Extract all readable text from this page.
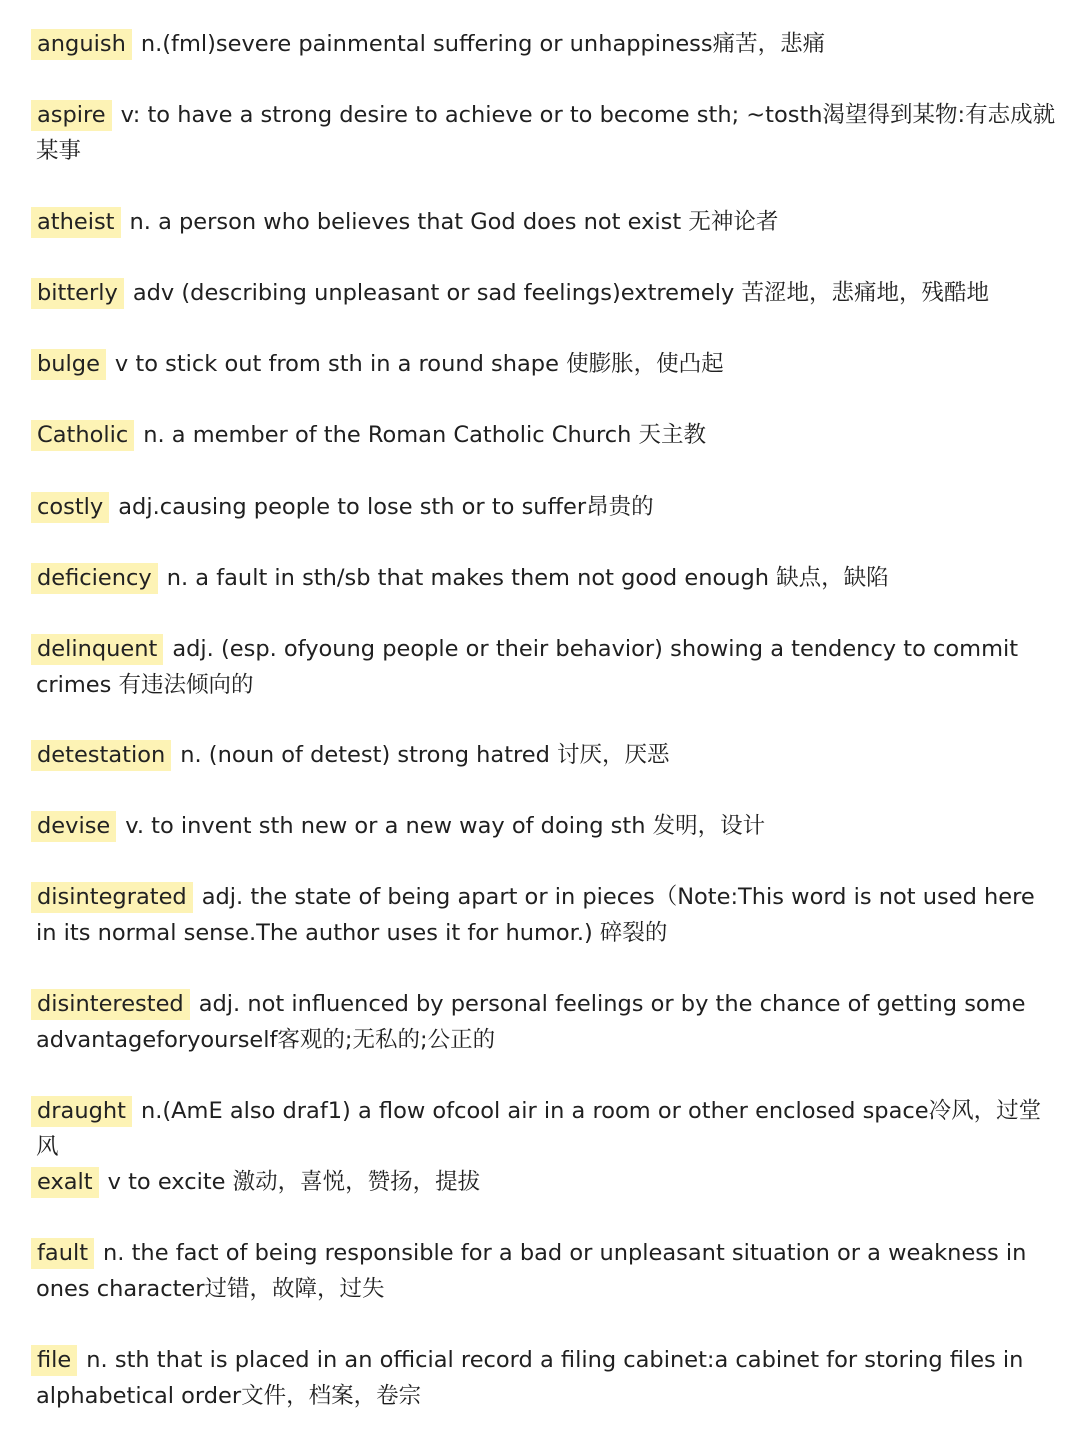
anguish n.(fml)severe painmental suffering or unhappiness痛苦，悲痛

aspire v: to have a strong desire to achieve or to become sth; ~tosth渴望得到某物:有志成就某事

atheist n. a person who believes that God does not exist 无神论者

bitterly adv (describing unpleasant or sad feelings)extremely 苦涩地，悲痛地，残酷地

bulge v to stick out from sth in a round shape 使膨胀，使凸起

Catholic n. a member of the Roman Catholic Church 天主教

costly adj.causing people to lose sth or to suffer昂贵的

deficiency n. a fault in sth/sb that makes them not good enough 缺点，缺陷

delinquent adj. (esp. ofyoung people or their behavior) showing a tendency to commit crimes 有违法倾向的

detestation n. (noun of detest) strong hatred 讨厌，厌恶

devise v. to invent sth new or a new way of doing sth 发明，设计

disintegrated adj. the state of being apart or in pieces（Note:This word is not used here in its normal sense.The author uses it for humor.) 碎裂的

disinterested adj. not influenced by personal feelings or by the chance of getting some advantageforyourself客观的;无私的;公正的

draught n.(AmE also draf1) a flow ofcool air in a room or other enclosed space冷风，过堂风

exalt v to excite 激动，喜悦，赞扬，提拔

fault n. the fact of being responsible for a bad or unpleasant situation or a weakness in ones character过错，故障，过失

file n. sth that is placed in an official record a filing cabinet:a cabinet for storing files in alphabetical order文件，档案，卷宗
